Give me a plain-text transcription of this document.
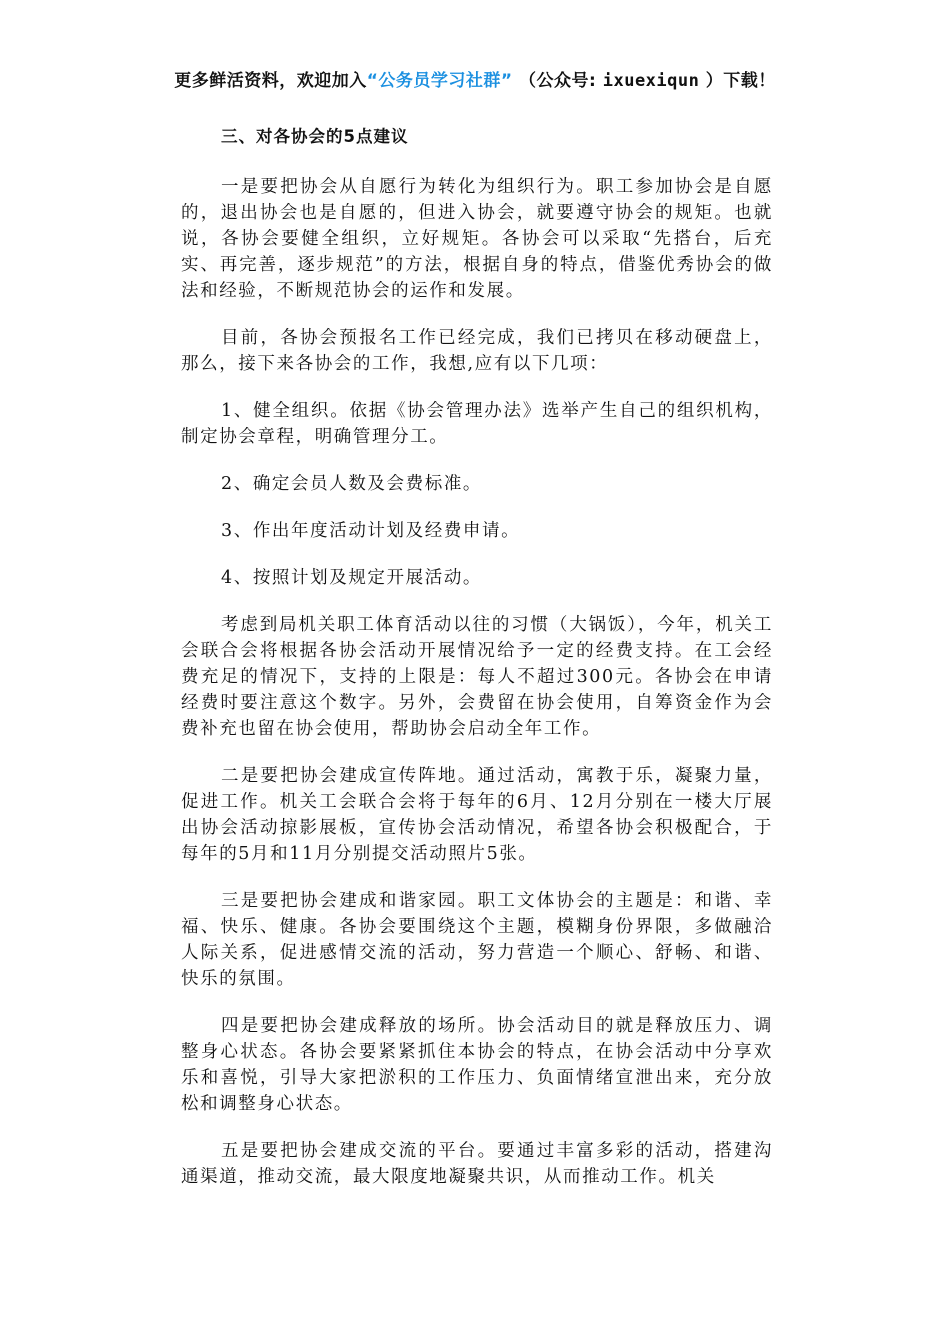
更多鲜活资料，欢迎加入“公务员学习社群” （公众号: ixuexiqun ）下载！

三、对各协会的5点建议

一是要把协会从自愿行为转化为组织行为。职工参加协会是自愿的，退出协会也是自愿的，但进入协会，就要遵守协会的规矩。也就说，各协会要健全组织，立好规矩。各协会可以采取“先搭台，后充实、再完善，逐步规范”的方法，根据自身的特点，借鉴优秀协会的做法和经验，不断规范协会的运作和发展。

目前，各协会预报名工作已经完成，我们已拷贝在移动硬盘上，那么，接下来各协会的工作，我想,应有以下几项：

1、健全组织。依据《协会管理办法》选举产生自己的组织机构，制定协会章程，明确管理分工。

2、确定会员人数及会费标准。

3、作出年度活动计划及经费申请。

4、按照计划及规定开展活动。

考虑到局机关职工体育活动以往的习惯（大锅饭），今年，机关工会联合会将根据各协会活动开展情况给予一定的经费支持。在工会经费充足的情况下，支持的上限是：每人不超过300元。各协会在申请经费时要注意这个数字。另外，会费留在协会使用，自筹资金作为会费补充也留在协会使用，帮助协会启动全年工作。

二是要把协会建成宣传阵地。通过活动，寓教于乐，凝聚力量，促进工作。机关工会联合会将于每年的6月、12月分别在一楼大厅展出协会活动掠影展板，宣传协会活动情况，希望各协会积极配合，于每年的5月和11月分别提交活动照片5张。

三是要把协会建成和谐家园。职工文体协会的主题是：和谐、幸福、快乐、健康。各协会要围绕这个主题，模糊身份界限，多做融洽人际关系，促进感情交流的活动，努力营造一个顺心、舒畅、和谐、快乐的氛围。

四是要把协会建成释放的场所。协会活动目的就是释放压力、调整身心状态。各协会要紧紧抓住本协会的特点，在协会活动中分享欢乐和喜悦，引导大家把淤积的工作压力、负面情绪宣泄出来，充分放松和调整身心状态。

五是要把协会建成交流的平台。要通过丰富多彩的活动，搭建沟通渠道，推动交流，最大限度地凝聚共识，从而推动工作。机关
